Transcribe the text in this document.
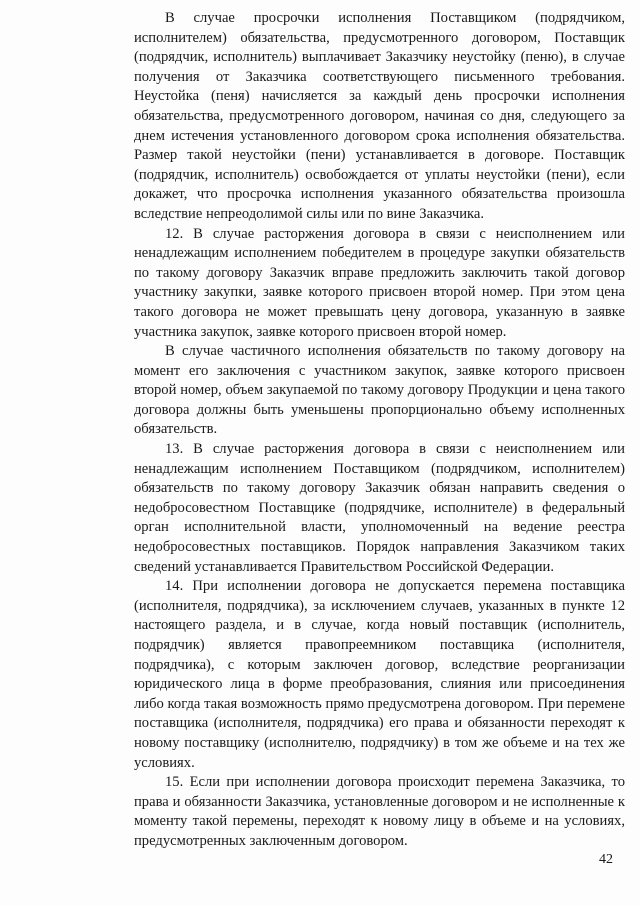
В случае просрочки исполнения Поставщиком (подрядчиком, исполнителем) обязательства, предусмотренного договором, Поставщик (подрядчик, исполнитель) выплачивает Заказчику неустойку (пеню), в случае получения от Заказчика соответствующего письменного требования. Неустойка (пеня) начисляется за каждый день просрочки исполнения обязательства, предусмотренного договором, начиная со дня, следующего за днем истечения установленного договором срока исполнения обязательства. Размер такой неустойки (пени) устанавливается в договоре. Поставщик (подрядчик, исполнитель) освобождается от уплаты неустойки (пени), если докажет, что просрочка исполнения указанного обязательства произошла вследствие непреодолимой силы или по вине Заказчика.

12. В случае расторжения договора в связи с неисполнением или ненадлежащим исполнением победителем в процедуре закупки обязательств по такому договору Заказчик вправе предложить заключить такой договор участнику закупки, заявке которого присвоен второй номер. При этом цена такого договора не может превышать цену договора, указанную в заявке участника закупок, заявке которого присвоен второй номер.

В случае частичного исполнения обязательств по такому договору на момент его заключения с участником закупок, заявке которого присвоен второй номер, объем закупаемой по такому договору Продукции и цена такого договора должны быть уменьшены пропорционально объему исполненных обязательств.

13. В случае расторжения договора в связи с неисполнением или ненадлежащим исполнением Поставщиком (подрядчиком, исполнителем) обязательств по такому договору Заказчик обязан направить сведения о недобросовестном Поставщике (подрядчике, исполнителе) в федеральный орган исполнительной власти, уполномоченный на ведение реестра недобросовестных поставщиков. Порядок направления Заказчиком таких сведений устанавливается Правительством Российской Федерации.

14. При исполнении договора не допускается перемена поставщика (исполнителя, подрядчика), за исключением случаев, указанных в пункте 12 настоящего раздела, и в случае, когда новый поставщик (исполнитель, подрядчик) является правопреемником поставщика (исполнителя, подрядчика), с которым заключен договор, вследствие реорганизации юридического лица в форме преобразования, слияния или присоединения либо когда такая возможность прямо предусмотрена договором. При перемене поставщика (исполнителя, подрядчика) его права и обязанности переходят к новому поставщику (исполнителю, подрядчику) в том же объеме и на тех же условиях.

15. Если при исполнении договора происходит перемена Заказчика, то права и обязанности Заказчика, установленные договором и не исполненные к моменту такой перемены, переходят к новому лицу в объеме и на условиях, предусмотренных заключенным договором.

42
